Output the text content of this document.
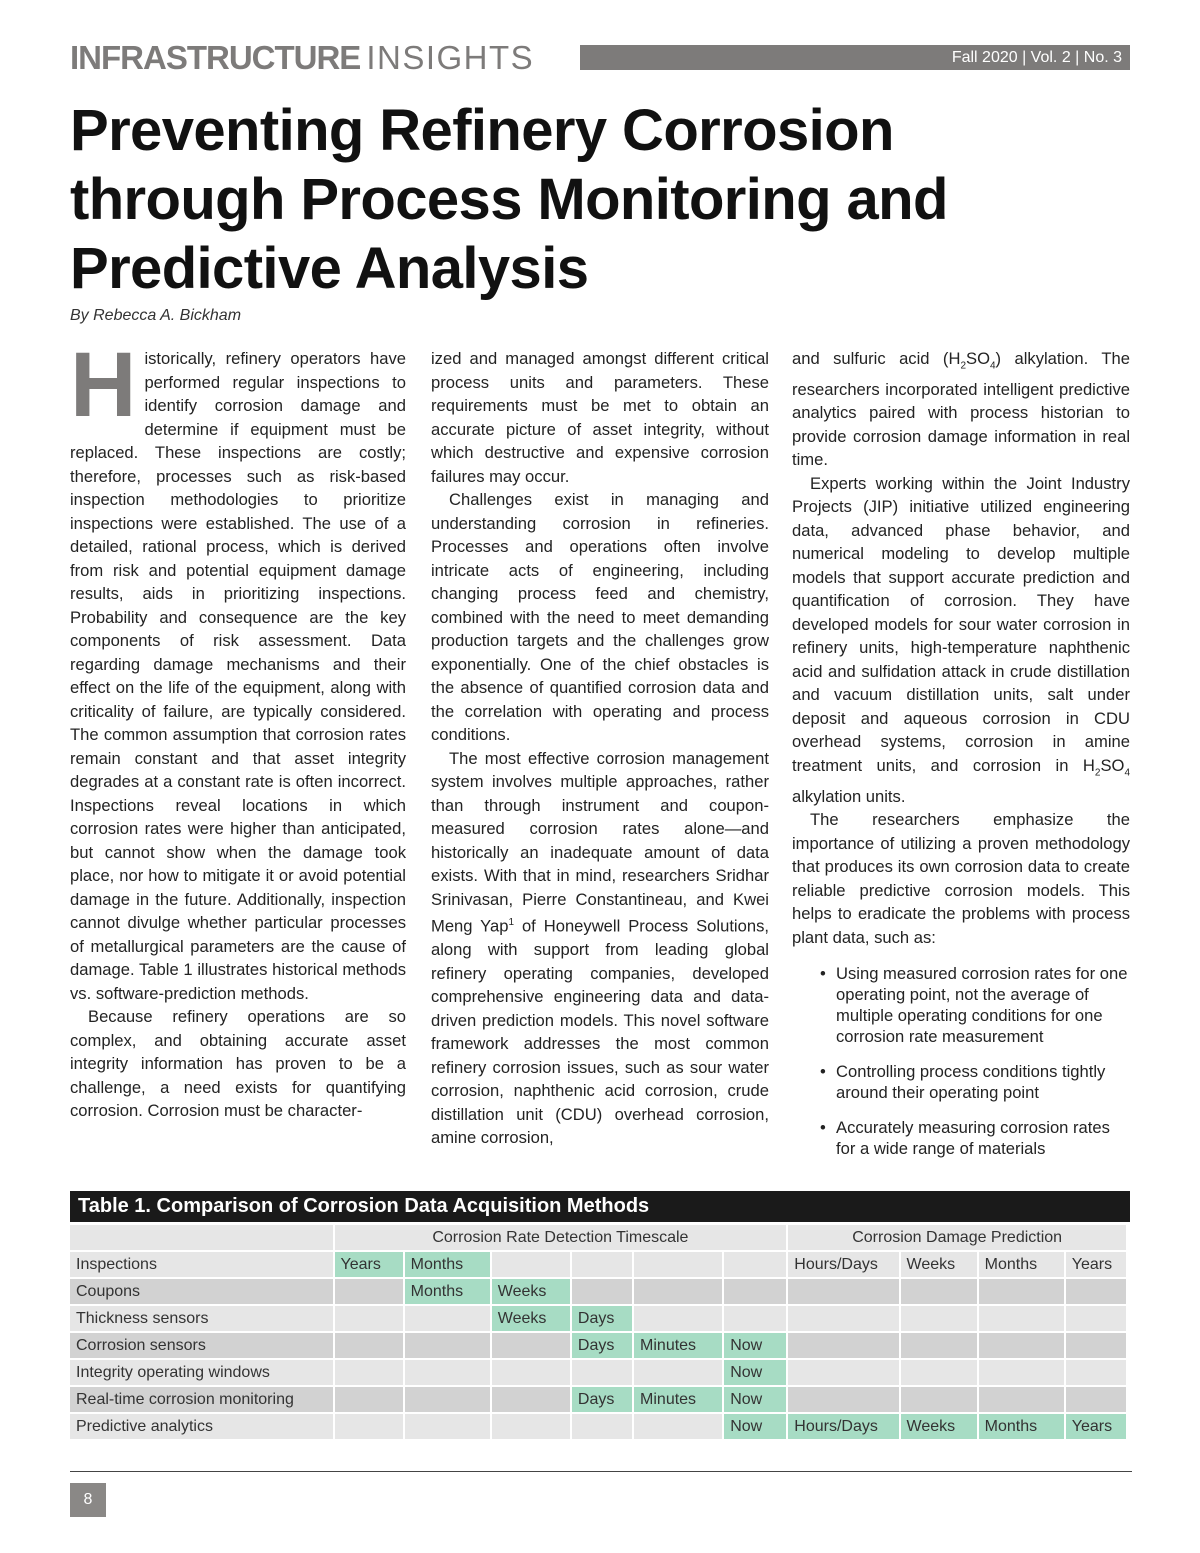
INFRASTRUCTURE INSIGHTS	Fall 2020 | Vol. 2 | No. 3
Preventing Refinery Corrosion
through Process Monitoring and
Predictive Analysis
By Rebecca A. Bickham

Historically, refinery operators have performed regular inspections to identify corrosion damage and determine if equipment must be replaced. These inspections are costly; therefore, processes such as risk-based inspection methodologies to prioritize inspections were established. The use of a detailed, rational process, which is derived from risk and potential equipment damage results, aids in prioritizing inspections. Probability and consequence are the key components of risk assessment. Data regarding damage mechanisms and their effect on the life of the equipment, along with criticality of failure, are typically considered. The common assumption that corrosion rates remain constant and that asset integrity degrades at a constant rate is often incorrect. Inspections reveal locations in which corrosion rates were higher than anticipated, but cannot show when the damage took place, nor how to mitigate it or avoid potential damage in the future. Additionally, inspection cannot divulge whether particular processes of metallurgical parameters are the cause of damage. Table 1 illustrates historical methods vs. software-prediction methods.

Because refinery operations are so complex, and obtaining accurate asset integrity information has proven to be a challenge, a need exists for quantifying corrosion. Corrosion must be character-

ized and managed amongst different critical process units and parameters. These requirements must be met to obtain an accurate picture of asset integrity, without which destructive and expensive corrosion failures may occur.

Challenges exist in managing and understanding corrosion in refineries. Processes and operations often involve intricate acts of engineering, including changing process feed and chemistry, combined with the need to meet demanding production targets and the challenges grow exponentially. One of the chief obstacles is the absence of quantified corrosion data and the correlation with operating and process conditions.

The most effective corrosion management system involves multiple approaches, rather than through instrument and coupon-measured corrosion rates alone—and historically an inadequate amount of data exists. With that in mind, researchers Sridhar Srinivasan, Pierre Constantineau, and Kwei Meng Yap$^1$ of Honeywell Process Solutions, along with support from leading global refinery operating companies, developed comprehensive engineering data and data-driven prediction models. This novel software framework addresses the most common refinery corrosion issues, such as sour water corrosion, naphthenic acid corrosion, crude distillation unit (CDU) overhead corrosion, amine corrosion,

and sulfuric acid $(H_2SO_4)$ alkylation. The researchers incorporated intelligent predictive analytics paired with process historian to provide corrosion damage information in real time.

Experts working within the Joint Industry Projects (JIP) initiative utilized engineering data, advanced phase behavior, and numerical modeling to develop multiple models that support accurate prediction and quantification of corrosion. They have developed models for sour water corrosion in refinery units, high-temperature naphthenic acid and sulfidation attack in crude distillation and vacuum distillation units, salt under deposit and aqueous corrosion in CDU overhead systems, corrosion in amine treatment units, and corrosion in $H_2SO_4$ alkylation units.

The researchers emphasize the importance of utilizing a proven methodology that produces its own corrosion data to create reliable predictive corrosion models. This helps to eradicate the problems with process plant data, such as:

• Using measured corrosion rates for one operating point, not the average of multiple operating conditions for one corrosion rate measurement
• Controlling process conditions tightly around their operating point
• Accurately measuring corrosion rates for a wide range of materials
Table 1. Comparison of Corrosion Data Acquisition Methods
	Corrosion Rate Detection Timescale						Corrosion Damage Prediction			
Inspections	Years	Months					Hours/Days	Weeks	Months	Years
Coupons		Months	Weeks							
Thickness sensors			Weeks	Days						
Corrosion sensors				Days	Minutes	Now				
Integrity operating windows						Now				
Real-time corrosion monitoring				Days	Minutes	Now				
Predictive analytics						Now	Hours/Days	Weeks	Months	Years
8
